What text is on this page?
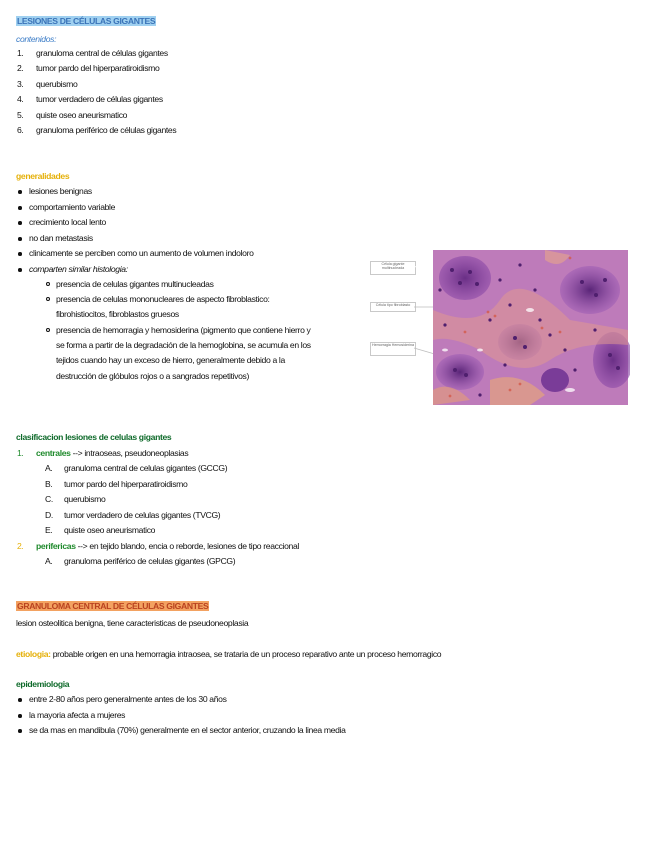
LESIONES DE CÉLULAS GIGANTES
contenidos:
1.	granuloma central de células gigantes
2.	tumor pardo del hiperparatiroidismo
3.	querubismo
4.	tumor verdadero de células gigantes
5.	quiste oseo aneurismatico
6.	granuloma periférico de células gigantes
generalidades
lesiones benignas
comportamiento variable
crecimiento local lento
no dan metastasis
clinicamente se perciben como un aumento de volumen indoloro
comparten similar histologia:
presencia de celulas gigantes multinucleadas
presencia de celulas mononucleares de aspecto fibroblastico:
fibrohistiocitos, fibroblastos gruesos
presencia de hemorragia y hemosiderina (pigmento que contiene hierro y
se forma a partir de la degradación de la hemoglobina, se acumula en los
tejidos cuando hay un exceso de hierro, generalmente debido a la
destrucción de glóbulos rojos o a sangrados repetitivos)
Célula gigante multinucleada
Célula tipo fibroblasto
Hemorragia Hemosiderina
clasificacion lesiones de celulas gigantes
1. centrales --> intraoseas, pseudoneoplasias
A. granuloma central de celulas gigantes (GCCG)
B. tumor pardo del hiperparatiroidismo
C. querubismo
D. tumor verdadero de celulas gigantes (TVCG)
E. quiste oseo aneurismatico
2. perifericas --> en tejido blando, encia o reborde, lesiones de tipo reaccional
A. granuloma periférico de celulas gigantes (GPCG)
GRANULOMA CENTRAL DE CÉLULAS GIGANTES
lesion osteolitica benigna, tiene caracteristicas de pseudoneoplasia
etiologia: probable origen en una hemorragia intraosea, se trataria de un proceso reparativo ante un proceso hemorragico
epidemiologia
entre 2-80 años pero generalmente antes de los 30 años
la mayoria afecta a mujeres
se da mas en mandibula (70%) generalmente en el sector anterior, cruzando la linea media
